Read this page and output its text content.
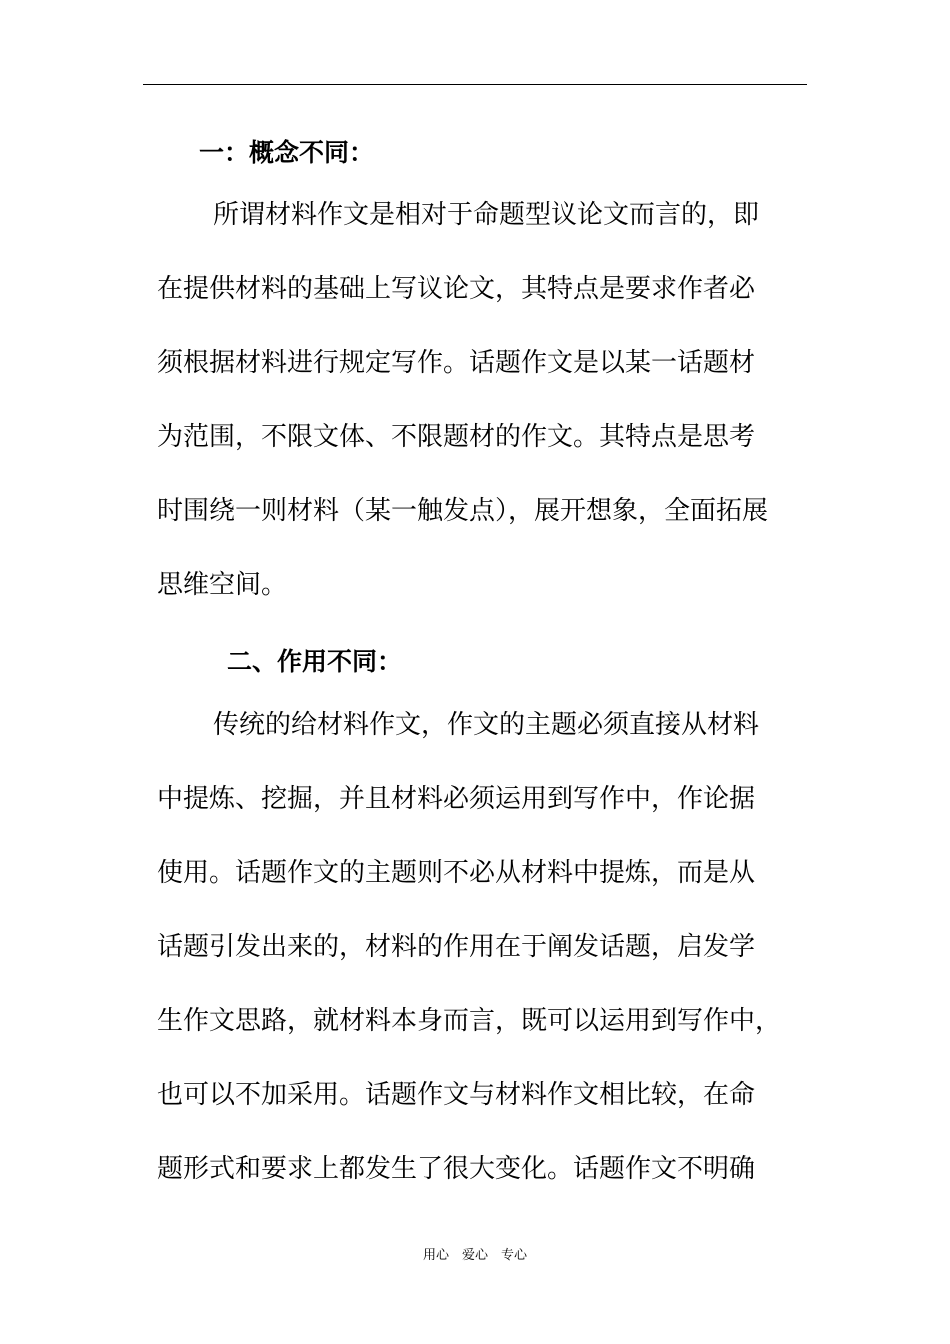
一：概念不同：
所谓材料作文是相对于命题型议论文而言的，即
在提供材料的基础上写议论文，其特点是要求作者必
须根据材料进行规定写作。话题作文是以某一话题材
为范围，不限文体、不限题材的作文。其特点是思考
时围绕一则材料（某一触发点），展开想象，全面拓展
思维空间。
二、作用不同：
传统的给材料作文，作文的主题必须直接从材料
中提炼、挖掘，并且材料必须运用到写作中，作论据
使用。话题作文的主题则不必从材料中提炼，而是从
话题引发出来的，材料的作用在于阐发话题，启发学
生作文思路，就材料本身而言，既可以运用到写作中，
也可以不加采用。话题作文与材料作文相比较，在命
题形式和要求上都发生了很大变化。话题作文不明确
用心　爱心　专心
